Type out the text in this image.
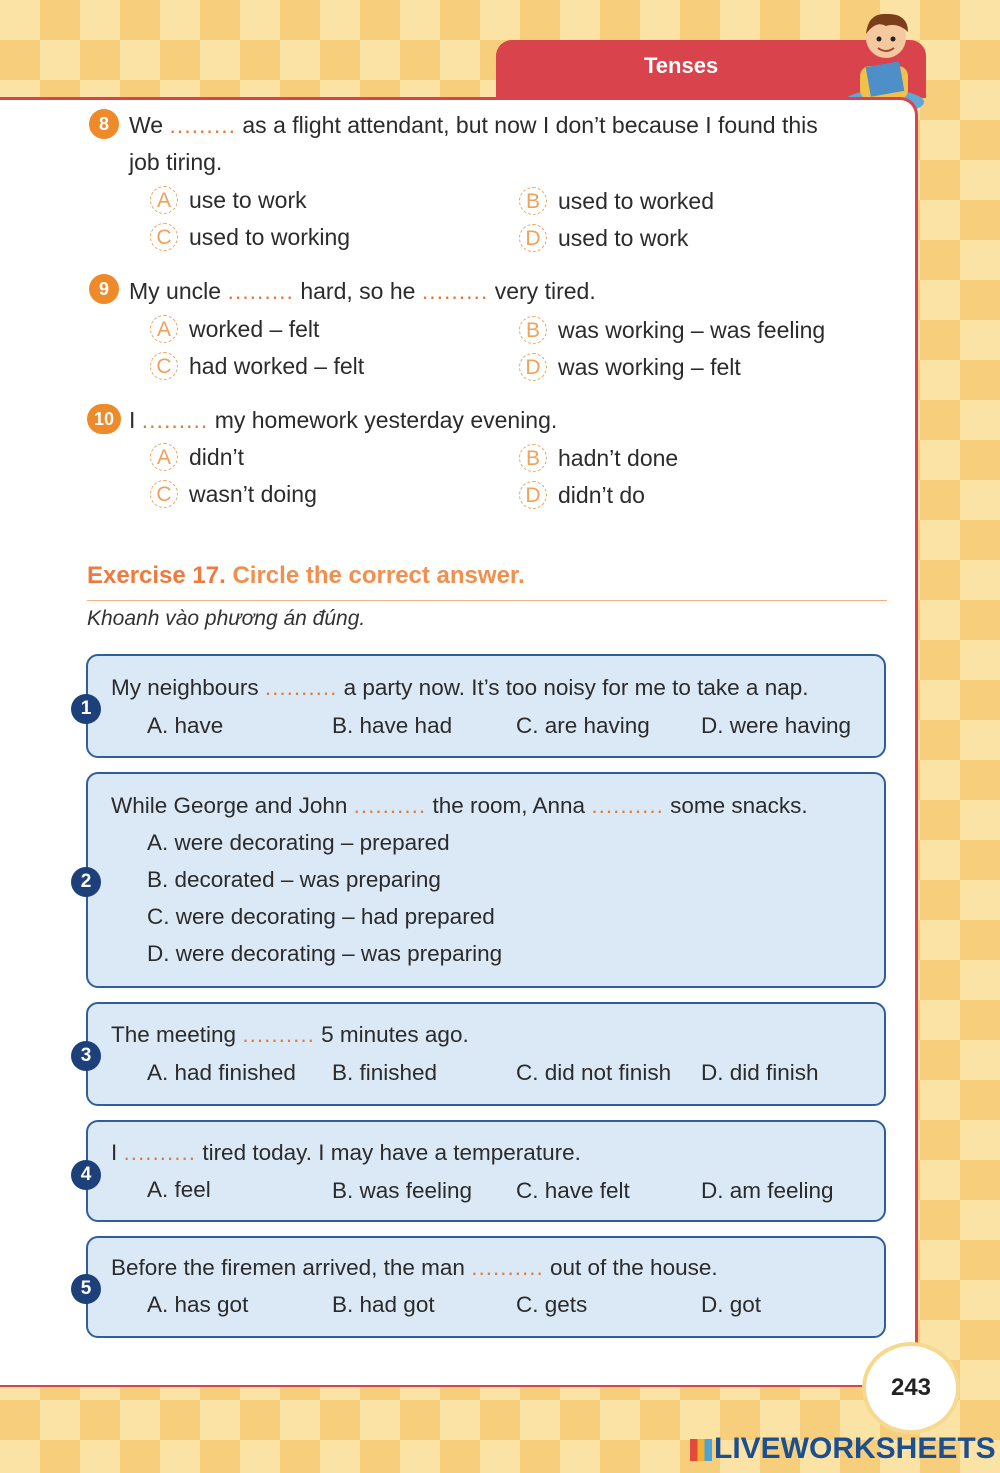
Tenses
8 We ......... as a flight attendant, but now I don’t because I found this
job tiring.
A use to work	B used to worked
C used to working	D used to work
9 My uncle ......... hard, so he ......... very tired.
A worked – felt	B was working – was feeling
C had worked – felt	D was working – felt
10 I ......... my homework yesterday evening.
A didn’t	B hadn’t done
C wasn’t doing	D didn’t do
Exercise 17. Circle the correct answer.
Khoanh vào phương án đúng.
1
My neighbours .......... a party now. It’s too noisy for me to take a nap.
A. have	B. have had	C. are having D. were having
2
While George and John .......... the room, Anna .......... some snacks.
A. were decorating – prepared
B. decorated – was preparing
C. were decorating – had prepared
D. were decorating – was preparing
3
The meeting .......... 5 minutes ago.
A. had finished B. finished	C. did not finish D. did finish
4
I .......... tired today. I may have a temperature.
A. feel	B. was feeling C. have felt	D. am feeling
5
Before the firemen arrived, the man .......... out of the house.
A. has got	B. had got	C. gets	D. got
243
LIVEWORKSHEETS
